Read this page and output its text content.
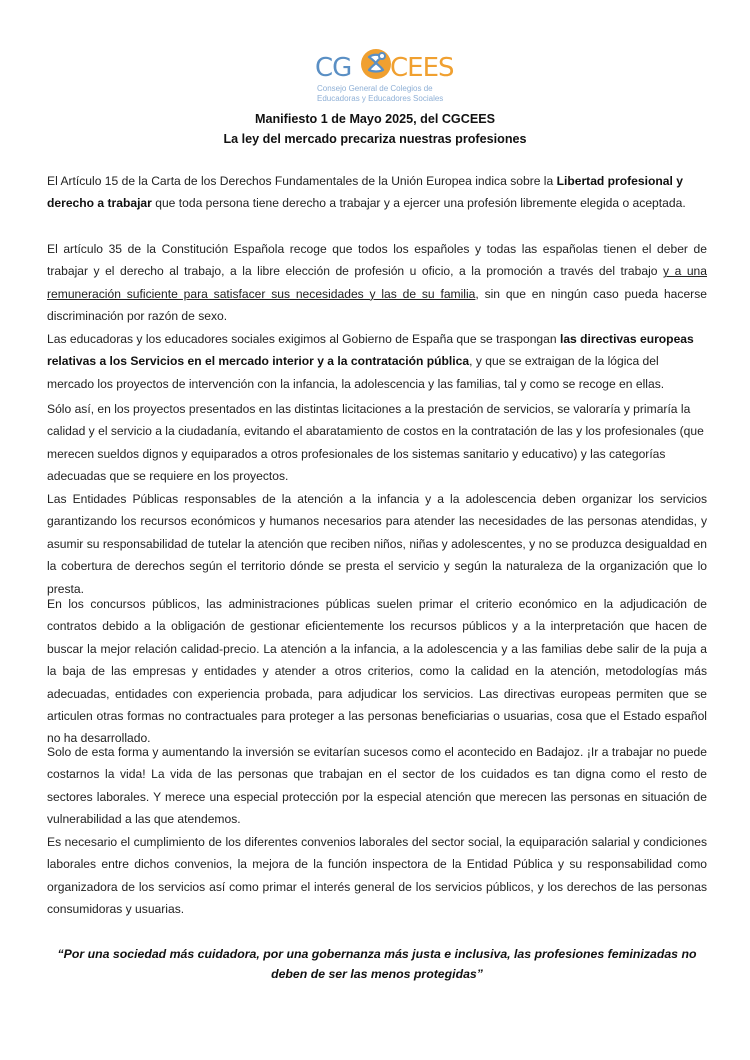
CG CEES
Consejo General de Colegios de
Educadoras y Educadores Sociales
Manifiesto 1 de Mayo 2025, del CGCEES
La ley del mercado precariza nuestras profesiones
El Artículo 15 de la Carta de los Derechos Fundamentales de la Unión Europea indica sobre la Libertad profesional y derecho a trabajar que toda persona tiene derecho a trabajar y a ejercer una profesión libremente elegida o aceptada.
El artículo 35 de la Constitución Española recoge que todos los españoles y todas las españolas tienen el deber de trabajar y el derecho al trabajo, a la libre elección de profesión u oficio, a la promoción a través del trabajo y a una remuneración suficiente para satisfacer sus necesidades y las de su familia, sin que en ningún caso pueda hacerse discriminación por razón de sexo.
Las educadoras y los educadores sociales exigimos al Gobierno de España que se traspongan las directivas europeas relativas a los Servicios en el mercado interior y a la contratación pública, y que se extraigan de la lógica del mercado los proyectos de intervención con la infancia, la adolescencia y las familias, tal y como se recoge en ellas.
Sólo así, en los proyectos presentados en las distintas licitaciones a la prestación de servicios, se valoraría y primaría la calidad y el servicio a la ciudadanía, evitando el abaratamiento de costos en la contratación de las y los profesionales (que merecen sueldos dignos y equiparados a otros profesionales de los sistemas sanitario y educativo) y las categorías adecuadas que se requiere en los proyectos.
Las Entidades Públicas responsables de la atención a la infancia y a la adolescencia deben organizar los servicios garantizando los recursos económicos y humanos necesarios para atender las necesidades de las personas atendidas, y asumir su responsabilidad de tutelar la atención que reciben niños, niñas y adolescentes, y no se produzca desigualdad en la cobertura de derechos según el territorio dónde se presta el servicio y según la naturaleza de la organización que lo presta.
En los concursos públicos, las administraciones públicas suelen primar el criterio económico en la adjudicación de contratos debido a la obligación de gestionar eficientemente los recursos públicos y a la interpretación que hacen de buscar la mejor relación calidad-precio. La atención a la infancia, a la adolescencia y a las familias debe salir de la puja a la baja de las empresas y entidades y atender a otros criterios, como la calidad en la atención, metodologías más adecuadas, entidades con experiencia probada, para adjudicar los servicios. Las directivas europeas permiten que se articulen otras formas no contractuales para proteger a las personas beneficiarias o usuarias, cosa que el Estado español no ha desarrollado.
Solo de esta forma y aumentando la inversión se evitarían sucesos como el acontecido en Badajoz. ¡Ir a trabajar no puede costarnos la vida! La vida de las personas que trabajan en el sector de los cuidados es tan digna como el resto de sectores laborales. Y merece una especial protección por la especial atención que merecen las personas en situación de vulnerabilidad a las que atendemos.
Es necesario el cumplimiento de los diferentes convenios laborales del sector social, la equiparación salarial y condiciones laborales entre dichos convenios, la mejora de la función inspectora de la Entidad Pública y su responsabilidad como organizadora de los servicios así como primar el interés general de los servicios públicos, y los derechos de las personas consumidoras y usuarias.
“Por una sociedad más cuidadora, por una gobernanza más justa e inclusiva, las profesiones feminizadas no
deben de ser las menos protegidas”
